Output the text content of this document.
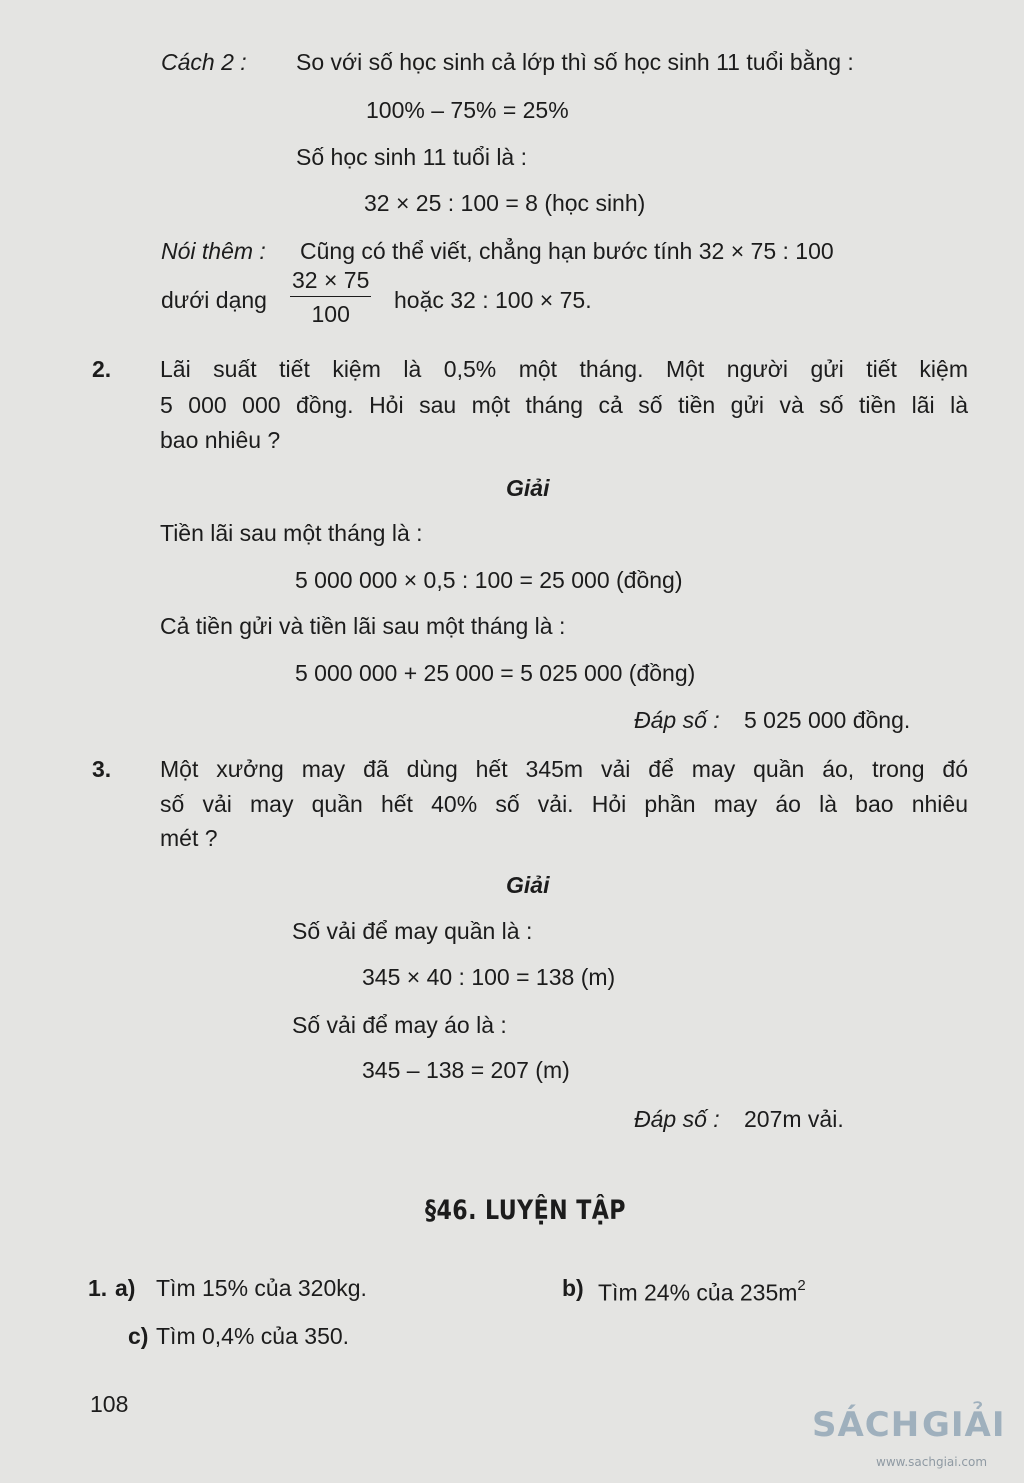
Cách 2 : So với số học sinh cả lớp thì số học sinh 11 tuổi bằng :
100% – 75% = 25%
Số học sinh 11 tuổi là :
32 × 25 : 100 = 8 (học sinh)
Nói thêm : Cũng có thể viết, chẳng hạn bước tính 32 × 75 : 100
dưới dạng $\frac{32 \times 75}{100}$ hoặc 32 : 100 × 75.
2. Lãi suất tiết kiệm là 0,5% một tháng. Một người gửi tiết kiệm
5 000 000 đồng. Hỏi sau một tháng cả số tiền gửi và số tiền lãi là
bao nhiêu ?
Giải
Tiền lãi sau một tháng là :
5 000 000 × 0,5 : 100 = 25 000 (đồng)
Cả tiền gửi và tiền lãi sau một tháng là :
5 000 000 + 25 000 = 5 025 000 (đồng)
Đáp số : 5 025 000 đồng.
3. Một xưởng may đã dùng hết 345m vải để may quần áo, trong đó
số vải may quần hết 40% số vải. Hỏi phần may áo là bao nhiêu
mét ?
Giải
Số vải để may quần là :
345 × 40 : 100 = 138 (m)
Số vải để may áo là :
345 – 138 = 207 (m)
Đáp số : 207m vải.
§46. LUYỆN TẬP
1. a) Tìm 15% của 320kg.	b) Tìm 24% của $235m^2$
c) Tìm 0,4% của 350.
108
SÁCH GIẢI
www.sachgiai.com
